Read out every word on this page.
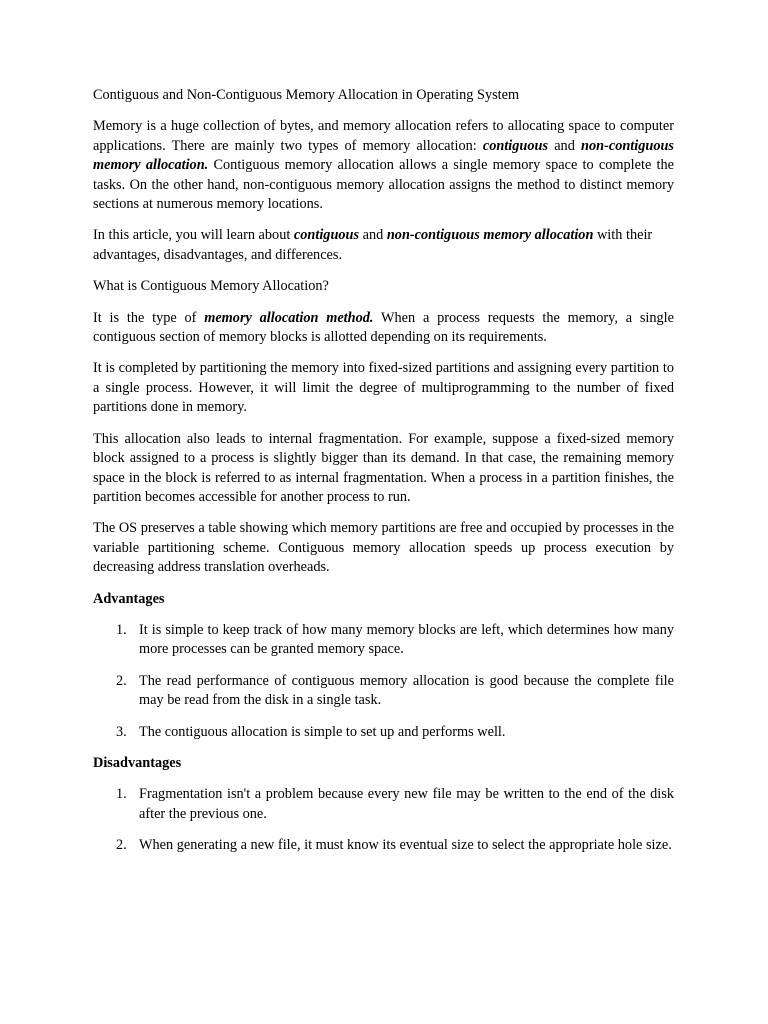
Contiguous and Non-Contiguous Memory Allocation in Operating System

Memory is a huge collection of bytes, and memory allocation refers to allocating space to computer applications. There are mainly two types of memory allocation: contiguous and non-contiguous memory allocation. Contiguous memory allocation allows a single memory space to complete the tasks. On the other hand, non-contiguous memory allocation assigns the method to distinct memory sections at numerous memory locations.

In this article, you will learn about contiguous and non-contiguous memory allocation with their advantages, disadvantages, and differences.

What is Contiguous Memory Allocation?

It is the type of memory allocation method. When a process requests the memory, a single contiguous section of memory blocks is allotted depending on its requirements.

It is completed by partitioning the memory into fixed-sized partitions and assigning every partition to a single process. However, it will limit the degree of multiprogramming to the number of fixed partitions done in memory.

This allocation also leads to internal fragmentation. For example, suppose a fixed-sized memory block assigned to a process is slightly bigger than its demand. In that case, the remaining memory space in the block is referred to as internal fragmentation. When a process in a partition finishes, the partition becomes accessible for another process to run.

The OS preserves a table showing which memory partitions are free and occupied by processes in the variable partitioning scheme. Contiguous memory allocation speeds up process execution by decreasing address translation overheads.

Advantages

1. It is simple to keep track of how many memory blocks are left, which determines how many more processes can be granted memory space.
2. The read performance of contiguous memory allocation is good because the complete file may be read from the disk in a single task.
3. The contiguous allocation is simple to set up and performs well.

Disadvantages

1. Fragmentation isn't a problem because every new file may be written to the end of the disk after the previous one.
2. When generating a new file, it must know its eventual size to select the appropriate hole size.
